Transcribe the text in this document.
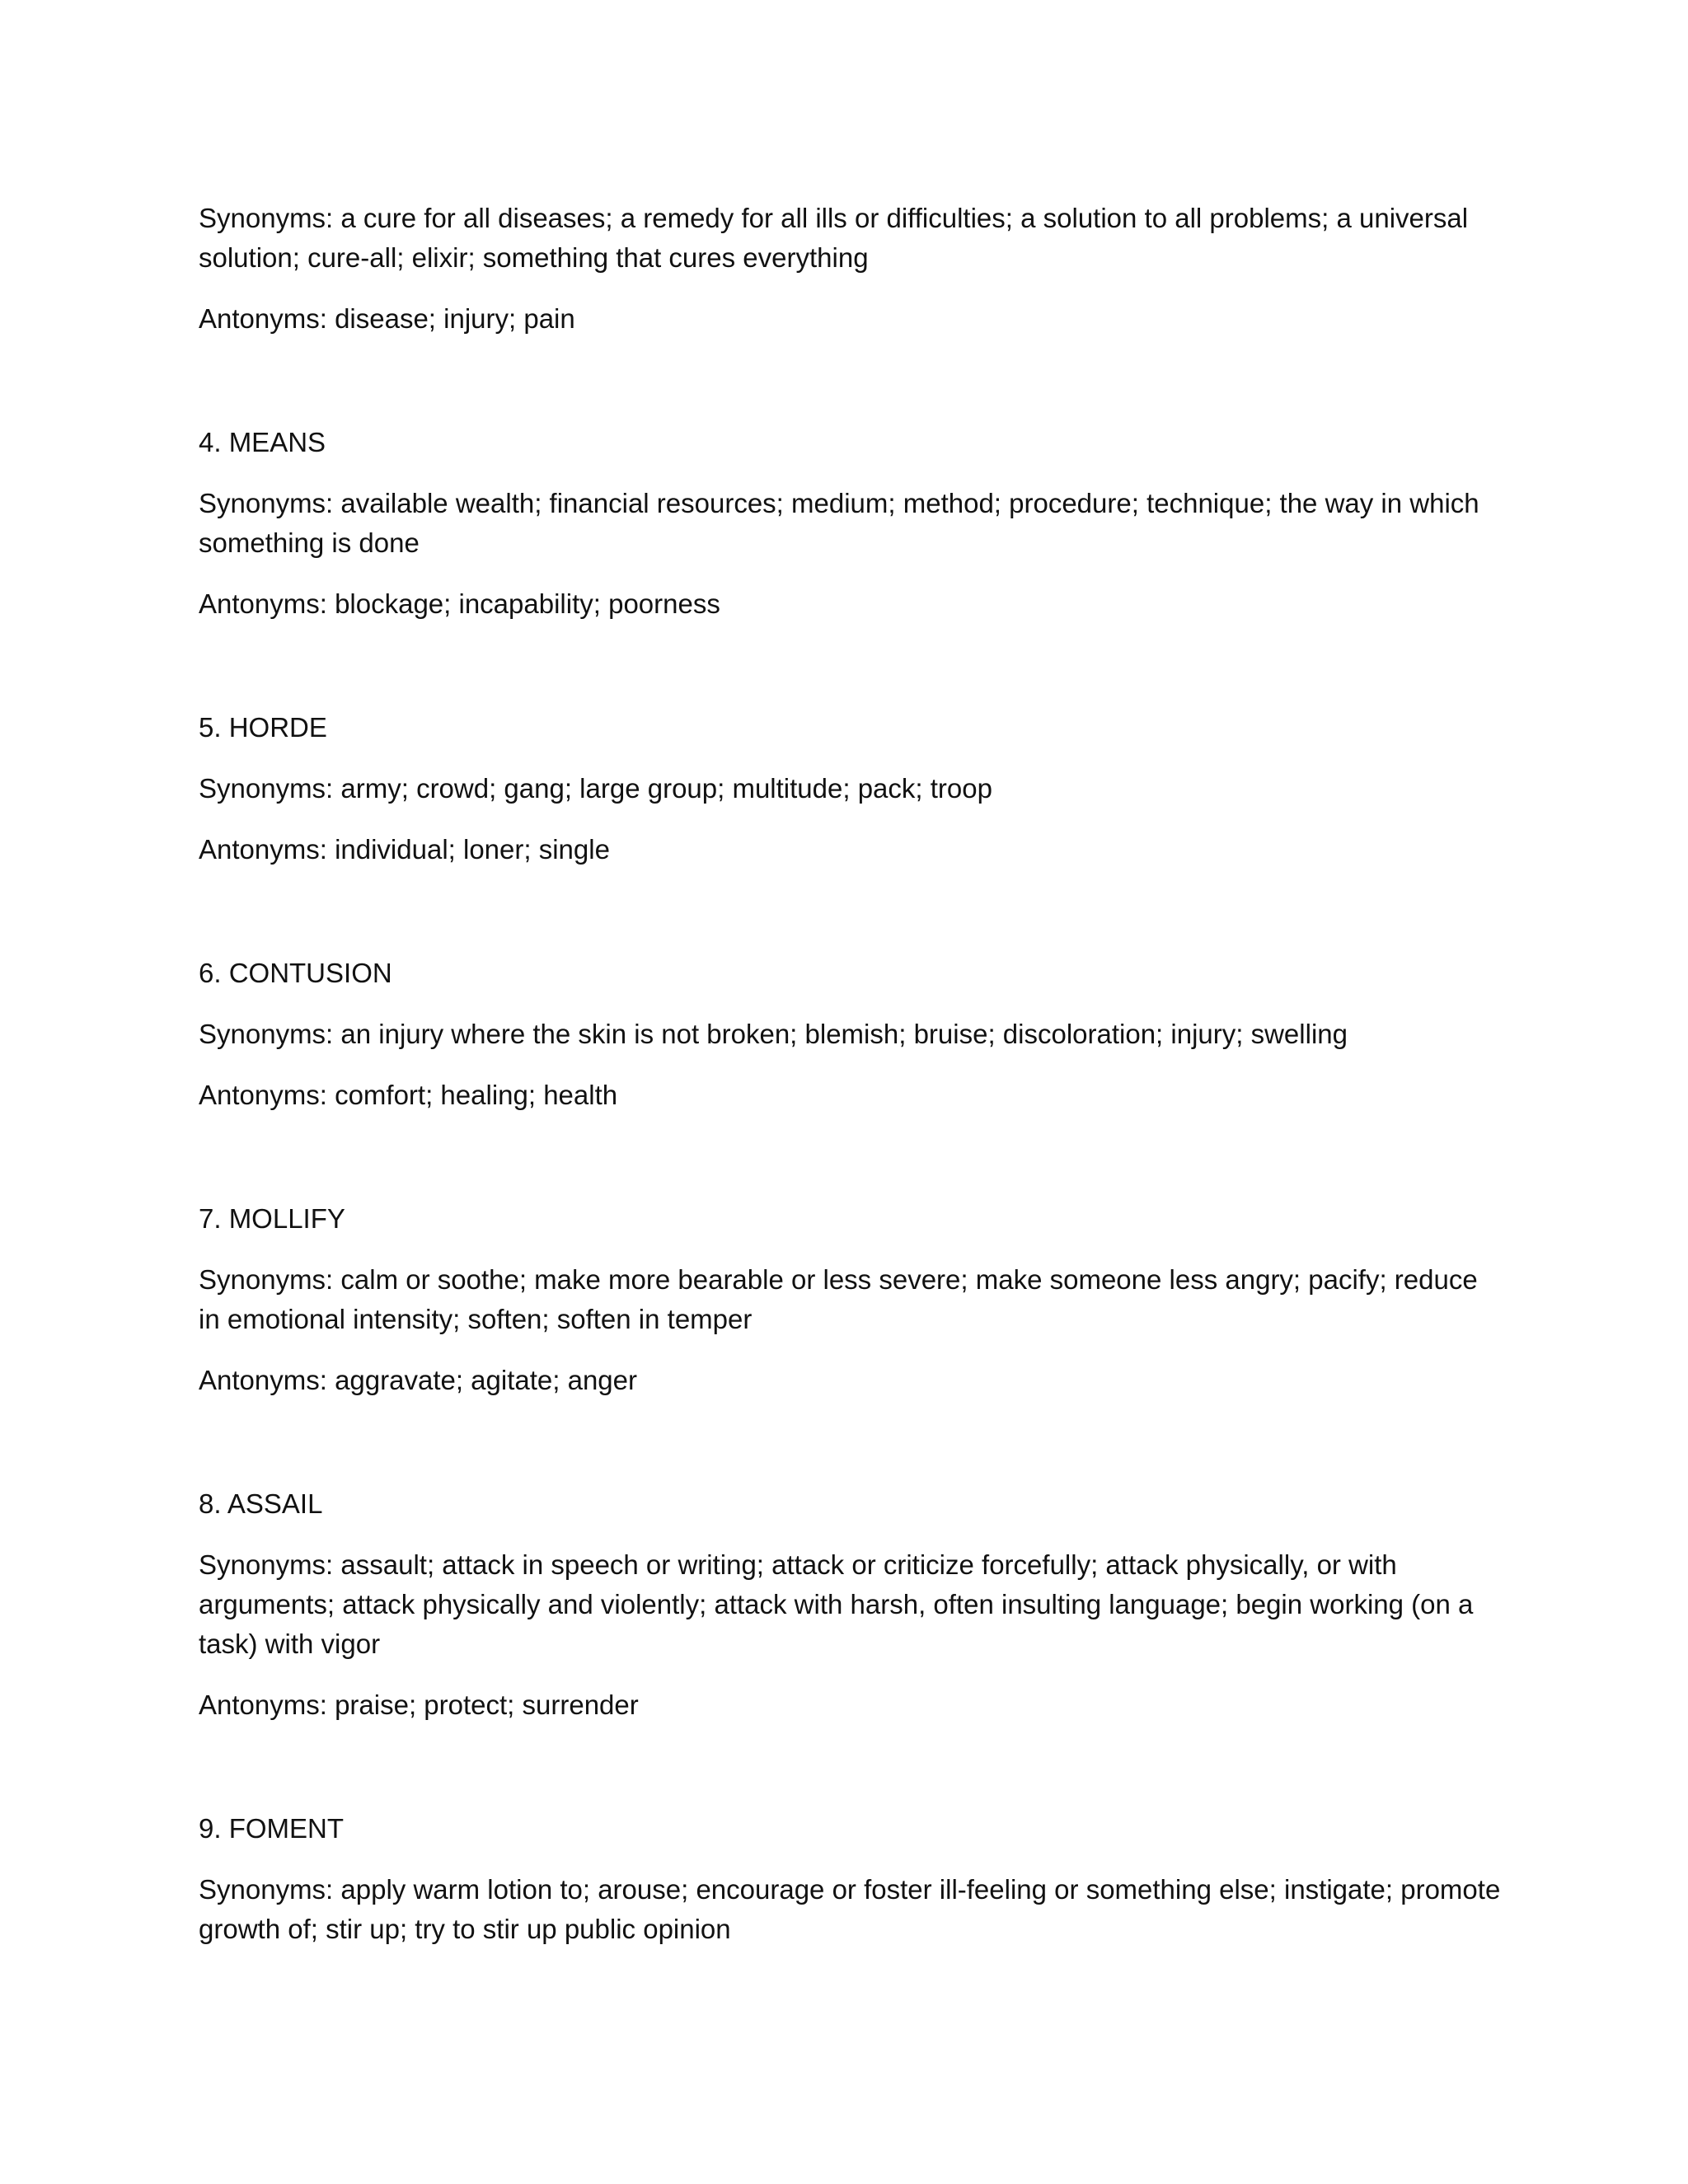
Synonyms: a cure for all diseases; a remedy for all ills or difficulties; a solution to all problems; a universal solution; cure-all; elixir; something that cures everything

Antonyms: disease; injury; pain

4. MEANS

Synonyms: available wealth; financial resources; medium; method; procedure; technique; the way in which something is done

Antonyms: blockage; incapability; poorness

5. HORDE

Synonyms: army; crowd; gang; large group; multitude; pack; troop

Antonyms: individual; loner; single

6. CONTUSION

Synonyms: an injury where the skin is not broken; blemish; bruise; discoloration; injury; swelling

Antonyms: comfort; healing; health

7. MOLLIFY

Synonyms: calm or soothe; make more bearable or less severe; make someone less angry; pacify; reduce in emotional intensity; soften; soften in temper

Antonyms: aggravate; agitate; anger

8. ASSAIL

Synonyms: assault; attack in speech or writing; attack or criticize forcefully; attack physically, or with arguments; attack physically and violently; attack with harsh, often insulting language; begin working (on a task) with vigor

Antonyms: praise; protect; surrender

9. FOMENT

Synonyms: apply warm lotion to; arouse; encourage or foster ill-feeling or something else; instigate; promote growth of; stir up; try to stir up public opinion
